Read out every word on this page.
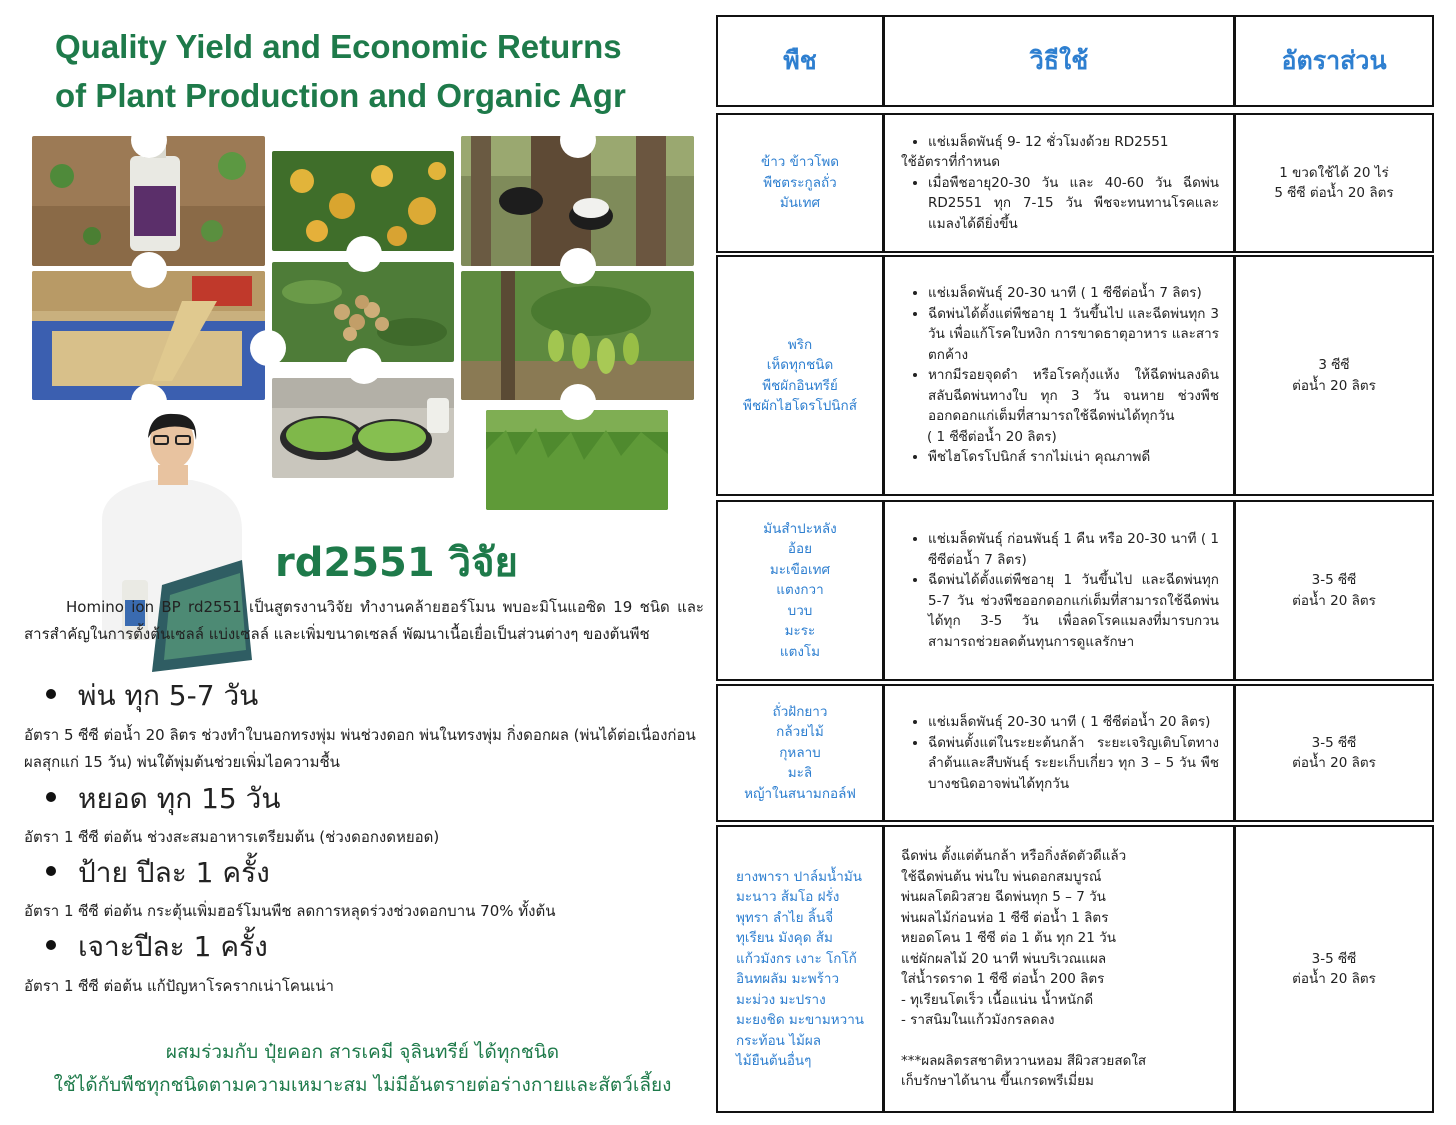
Quality Yield and Economic Returns
of Plant Production and Organic Agr
rd2551 วิจัย
Homino ion BP rd2551 เป็นสูตรงานวิจัย ทำงานคล้ายฮอร์โมน พบอะมิโนแอซิด 19 ชนิด และสารสำคัญในการตั้งต้นเซลล์ แบ่งเซลล์ และเพิ่มขนาดเซลล์ พัฒนาเนื้อเยื่อเป็นส่วนต่างๆ ของต้นพืช
พ่น ทุก 5-7 วัน
อัตรา 5 ซีซี ต่อน้ำ 20 ลิตร ช่วงทำใบนอกทรงพุ่ม พ่นช่วงดอก พ่นในทรงพุ่ม กิ่งดอกผล (พ่นได้ต่อเนื่องก่อนผลสุกแก่ 15 วัน) พ่นใต้พุ่มต้นช่วยเพิ่มไอความชื้น
หยอด ทุก 15 วัน
อัตรา 1 ซีซี ต่อต้น ช่วงสะสมอาหารเตรียมต้น (ช่วงดอกงดหยอด)
ป้าย ปีละ 1 ครั้ง
อัตรา 1 ซีซี ต่อต้น กระตุ้นเพิ่มฮอร์โมนพืช ลดการหลุดร่วงช่วงดอกบาน 70% ทั้งต้น
เจาะปีละ 1 ครั้ง
อัตรา 1 ซีซี ต่อต้น แก้ปัญหาโรครากเน่าโคนเน่า
ผสมร่วมกับ ปุ๋ยคอก สารเคมี จุลินทรีย์ ได้ทุกชนิด
ใช้ได้กับพืชทุกชนิดตามความเหมาะสม ไม่มีอันตรายต่อร่างกายและสัตว์เลี้ยง
พืช	วิธีใช้	อัตราส่วน
ข้าว ข้าวโพด
พืชตระกูลถั่ว
มันเทศ
• แช่เมล็ดพันธุ์ 9- 12 ชั่วโมงด้วย RD2551

ใช้อัตราที่กำหนด

• เมื่อพืชอายุ20-30 วัน และ 40-60 วัน ฉีดพ่น RD2551 ทุก 7-15 วัน พืชจะทนทานโรคและแมลงได้ดียิ่งขึ้น
1 ขวดใช้ได้ 20 ไร่
5 ซีซี ต่อน้ำ 20 ลิตร
พริก
เห็ดทุกชนิด
พืชผักอินทรีย์
พืชผักไฮโดรโปนิกส์
• แช่เมล็ดพันธุ์ 20-30 นาที ( 1 ซีซีต่อน้ำ 7 ลิตร)
• ฉีดพ่นได้ตั้งแต่พืชอายุ 1 วันขึ้นไป และฉีดพ่นทุก 3 วัน เพื่อแก้โรคใบหงิก การขาดธาตุอาหาร และสารตกค้าง
• หากมีรอยจุดดำ หรือโรคกุ้งแห้ง ให้ฉีดพ่นลงดิน สลับฉีดพ่นทางใบ ทุก 3 วัน จนหาย ช่วงพืชออกดอกแก่เต็มที่สามารถใช้ฉีดพ่นได้ทุกวัน

( 1 ซีซีต่อน้ำ 20 ลิตร)

• พืชไฮโดรโปนิกส์ รากไม่เน่า คุณภาพดี
3 ซีซี
ต่อน้ำ 20 ลิตร
มันสำปะหลัง
อ้อย
มะเขือเทศ
แตงกวา
บวบ
มะระ
แตงโม
• แช่เมล็ดพันธุ์ ก่อนพันธุ์ 1 คืน หรือ 20-30 นาที ( 1 ซีซีต่อน้ำ 7 ลิตร)
• ฉีดพ่นได้ตั้งแต่พืชอายุ 1 วันขึ้นไป และฉีดพ่นทุก 5-7 วัน ช่วงพืชออกดอกแก่เต็มที่สามารถใช้ฉีดพ่นได้ทุก 3-5 วัน เพื่อลดโรคแมลงที่มารบกวน สามารถช่วยลดต้นทุนการดูแลรักษา
3-5 ซีซี
ต่อน้ำ 20 ลิตร
ถั่วฝักยาว
กล้วยไม้
กุหลาบ
มะลิ
หญ้าในสนามกอล์ฟ
• แช่เมล็ดพันธุ์ 20-30 นาที ( 1 ซีซีต่อน้ำ 20 ลิตร)
• ฉีดพ่นตั้งแต่ในระยะต้นกล้า ระยะเจริญเติบโตทางลำต้นและสืบพันธุ์ ระยะเก็บเกี่ยว ทุก 3 – 5 วัน พืชบางชนิดอาจพ่นได้ทุกวัน
3-5 ซีซี
ต่อน้ำ 20 ลิตร
ยางพารา ปาล์มน้ำมัน
มะนาว ส้มโอ ฝรั่ง
พุทรา ลำไย ลิ้นจี่
ทุเรียน มังคุด ส้ม
แก้วมังกร เงาะ โกโก้
อินทผลัม มะพร้าว
มะม่วง มะปราง
มะยงชิด มะขามหวาน
กระท้อน ไม้ผล
ไม้ยืนต้นอื่นๆ

ฉีดพ่น ตั้งแต่ต้นกล้า หรือกิ่งลัดตัวดีแล้ว

ใช้ฉีดพ่นต้น พ่นใบ พ่นดอกสมบูรณ์

พ่นผลโตผิวสวย ฉีดพ่นทุก 5 – 7 วัน

พ่นผลไม้ก่อนห่อ 1 ซีซี ต่อน้ำ 1 ลิตร

หยอดโคน 1 ซีซี ต่อ 1 ต้น ทุก 21 วัน

แช่ผักผลไม้ 20 นาที พ่นบริเวณแผล

ใส่น้ำรดราด 1 ซีซี ต่อน้ำ 200 ลิตร

- ทุเรียนโตเร็ว เนื้อแน่น น้ำหนักดี

- ราสนิมในแก้วมังกรลดลง

***ผลผลิตรสชาติหวานหอม สีผิวสวยสดใส

เก็บรักษาได้นาน ขึ้นเกรดพรีเมี่ยม

3-5 ซีซี
ต่อน้ำ 20 ลิตร
